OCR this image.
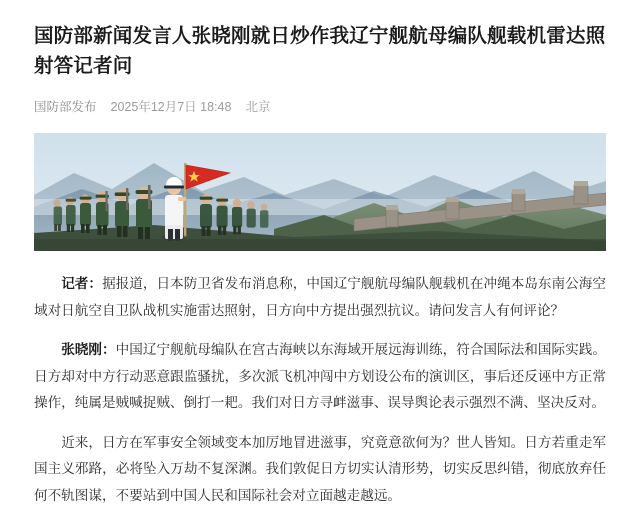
国防部新闻发言人张晓刚就日炒作我辽宁舰航母编队舰载机雷达照射答记者问
国防部发布 2025年12月7日 18:48 北京

记者：据报道，日本防卫省发布消息称，中国辽宁舰航母编队舰载机在冲绳本岛东南公海空域对日航空自卫队战机实施雷达照射，日方向中方提出强烈抗议。请问发言人有何评论？

张晓刚：中国辽宁舰航母编队在宫古海峡以东海域开展远海训练，符合国际法和国际实践。日方却对中方行动恶意跟监骚扰，多次派飞机冲闯中方划设公布的演训区，事后还反诬中方正常操作，纯属是贼喊捉贼、倒打一耙。我们对日方寻衅滋事、误导舆论表示强烈不满、坚决反对。

近来，日方在军事安全领域变本加厉地冒进滋事，究竟意欲何为？世人皆知。日方若重走军国主义邪路，必将坠入万劫不复深渊。我们敦促日方切实认清形势，切实反思纠错，彻底放弃任何不轨图谋，不要站到中国人民和国际社会对立面越走越远。
